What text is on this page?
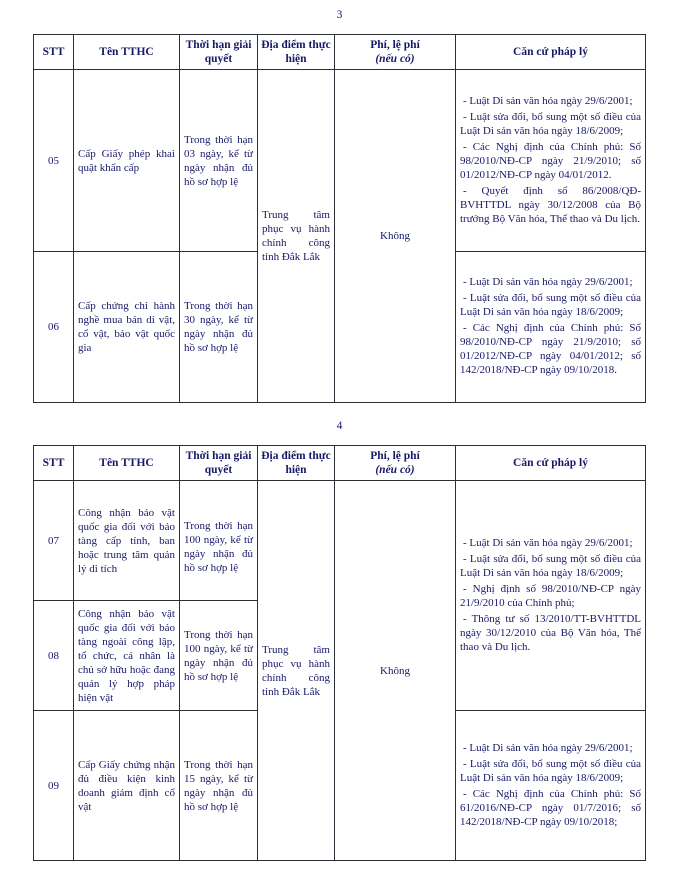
3
STT	Tên TTHC	Thời hạn giải quyết	Địa điểm thực hiện	Phí, lệ phí
(nếu có)	Căn cứ pháp lý
05	Cấp Giấy phép khai quật khẩn cấp	Trong thời hạn 03 ngày, kể từ ngày nhận đủ hồ sơ hợp lệ	Trung tâm phục vụ hành chính công tỉnh Đắk Lắk	Không	- Luật Di sản văn hóa ngày 29/6/2001;

- Luật sửa đổi, bổ sung một số điều của Luật Di sản văn hóa ngày 18/6/2009;

- Các Nghị định của Chính phủ: Số 98/2010/NĐ-CP ngày 21/9/2010; số 01/2012/NĐ-CP ngày 04/01/2012.

- Quyết định số 86/2008/QĐ-BVHTTDL ngày 30/12/2008 của Bộ trưởng Bộ Văn hóa, Thể thao và Du lịch.

06	Cấp chứng chỉ hành nghề mua bán di vật, cổ vật, bảo vật quốc gia	Trong thời hạn 30 ngày, kể từ ngày nhận đủ hồ sơ hợp lệ			- Luật Di sản văn hóa ngày 29/6/2001;

- Luật sửa đổi, bổ sung một số điều của Luật Di sản văn hóa ngày 18/6/2009;

- Các Nghị định của Chính phủ: Số 98/2010/NĐ-CP ngày 21/9/2010; số 01/2012/NĐ-CP ngày 04/01/2012; số 142/2018/NĐ-CP ngày 09/10/2018.

4
STT	Tên TTHC	Thời hạn giải quyết	Địa điểm thực hiện	Phí, lệ phí
(nếu có)	Căn cứ pháp lý
07	Công nhận bảo vật quốc gia đối với bảo tàng cấp tỉnh, ban hoặc trung tâm quản lý di tích	Trong thời hạn 100 ngày, kể từ ngày nhận đủ hồ sơ hợp lệ	Trung tâm phục vụ hành chính công tỉnh Đắk Lắk	Không	- Luật Di sản văn hóa ngày 29/6/2001;

- Luật sửa đổi, bổ sung một số điều của Luật Di sản văn hóa ngày 18/6/2009;

- Nghị định số 98/2010/NĐ-CP ngày 21/9/2010 của Chính phủ;

- Thông tư số 13/2010/TT-BVHTTDL ngày 30/12/2010 của Bộ Văn hóa, Thể thao và Du lịch.

08	Công nhận bảo vật quốc gia đối với bảo tàng ngoài công lập, tổ chức, cá nhân là chủ sở hữu hoặc đang quản lý hợp pháp hiện vật	Trong thời hạn 100 ngày, kể từ ngày nhận đủ hồ sơ hợp lệ			
09	Cấp Giấy chứng nhận đủ điều kiện kinh doanh giám định cổ vật	Trong thời hạn 15 ngày, kể từ ngày nhận đủ hồ sơ hợp lệ			- Luật Di sản văn hóa ngày 29/6/2001;

- Luật sửa đổi, bổ sung một số điều của Luật Di sản văn hóa ngày 18/6/2009;

- Các Nghị định của Chính phủ: Số 61/2016/NĐ-CP ngày 01/7/2016; số 142/2018/NĐ-CP ngày 09/10/2018;
